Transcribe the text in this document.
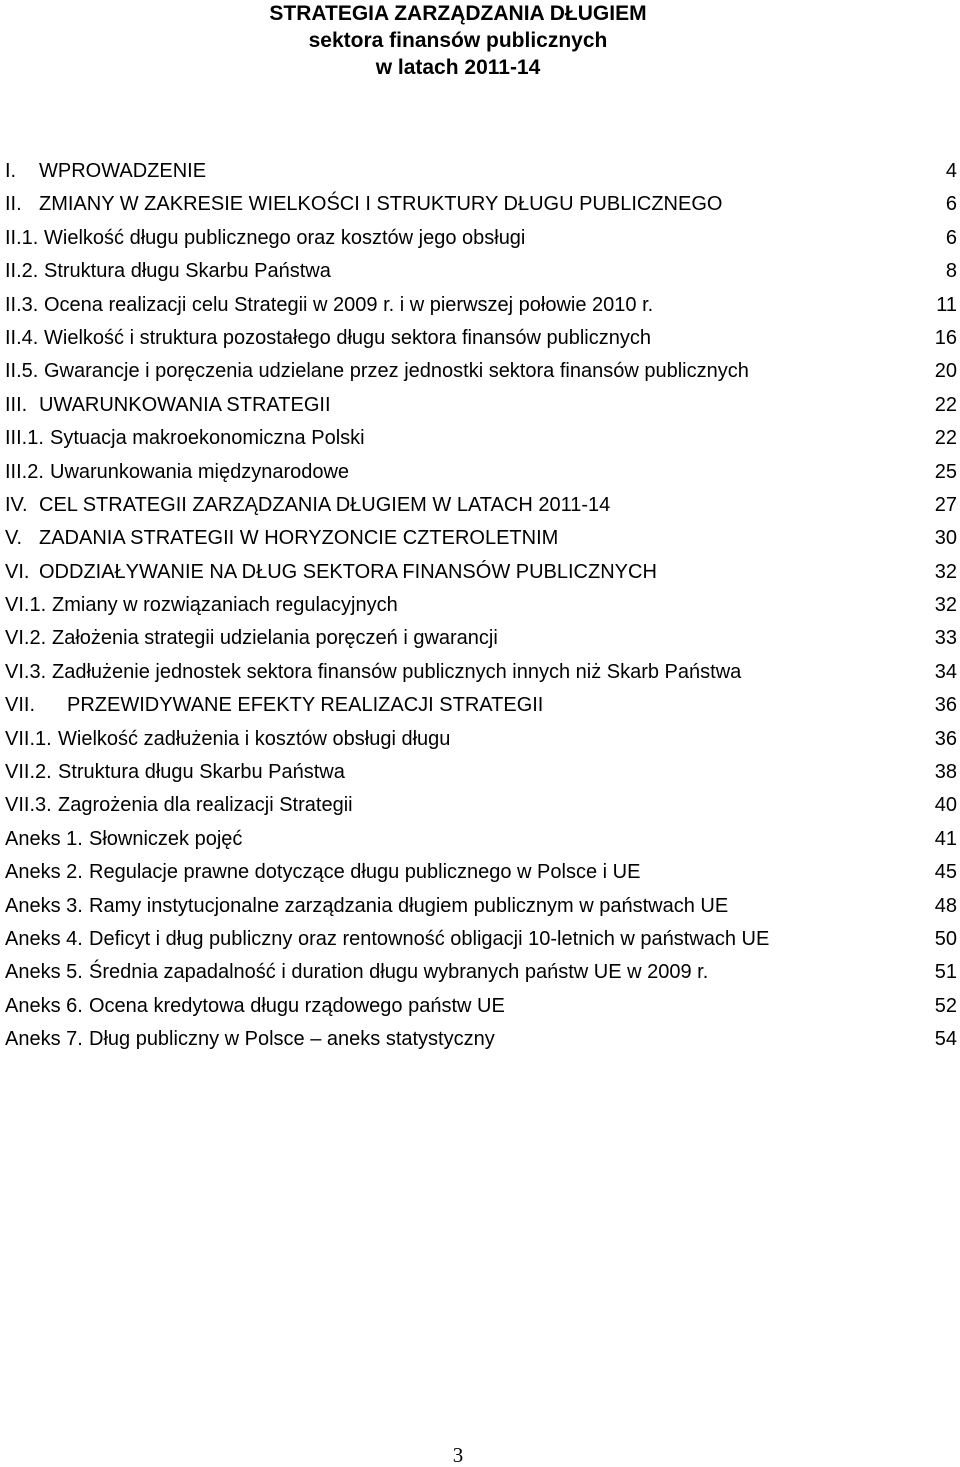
STRATEGIA ZARZĄDZANIA DŁUGIEM
sektora finansów publicznych
w latach 2011-14
I. WPROWADZENIE	4
II. ZMIANY W ZAKRESIE WIELKOŚCI I STRUKTURY DŁUGU PUBLICZNEGO	6
II.1. Wielkość długu publicznego oraz kosztów jego obsługi	6
II.2. Struktura długu Skarbu Państwa	8
II.3. Ocena realizacji celu Strategii w 2009 r. i w pierwszej połowie 2010 r.	11
II.4. Wielkość i struktura pozostałego długu sektora finansów publicznych	16
II.5. Gwarancje i poręczenia udzielane przez jednostki sektora finansów publicznych	20
III. UWARUNKOWANIA STRATEGII	22
III.1. Sytuacja makroekonomiczna Polski	22
III.2. Uwarunkowania międzynarodowe	25
IV. CEL STRATEGII ZARZĄDZANIA DŁUGIEM W LATACH 2011-14	27
V. ZADANIA STRATEGII W HORYZONCIE CZTEROLETNIM	30
VI. ODDZIAŁYWANIE NA DŁUG SEKTORA FINANSÓW PUBLICZNYCH	32
VI.1. Zmiany w rozwiązaniach regulacyjnych	32
VI.2. Założenia strategii udzielania poręczeń i gwarancji	33
VI.3. Zadłużenie jednostek sektora finansów publicznych innych niż Skarb Państwa	34
VII. PRZEWIDYWANE EFEKTY REALIZACJI STRATEGII	36
VII.1. Wielkość zadłużenia i kosztów obsługi długu	36
VII.2. Struktura długu Skarbu Państwa	38
VII.3. Zagrożenia dla realizacji Strategii	40
Aneks 1. Słowniczek pojęć	41
Aneks 2. Regulacje prawne dotyczące długu publicznego w Polsce i UE	45
Aneks 3. Ramy instytucjonalne zarządzania długiem publicznym w państwach UE	48
Aneks 4. Deficyt i dług publiczny oraz rentowność obligacji 10-letnich w państwach UE	50
Aneks 5. Średnia zapadalność i duration długu wybranych państw UE w 2009 r.	51
Aneks 6. Ocena kredytowa długu rządowego państw UE	52
Aneks 7. Dług publiczny w Polsce – aneks statystyczny	54
3
